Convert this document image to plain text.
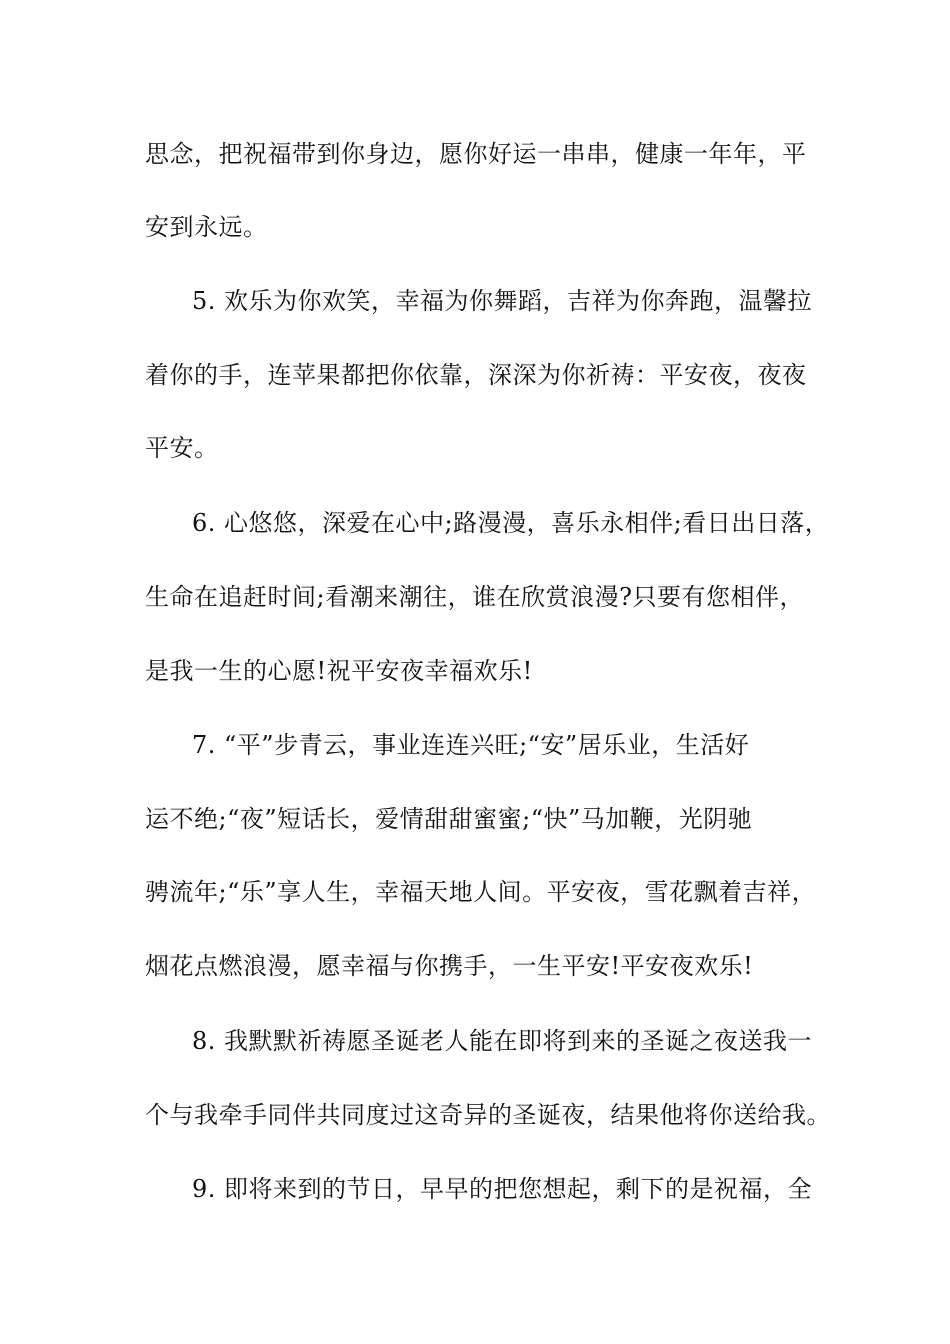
思念，把祝福带到你身边，愿你好运一串串，健康一年年，平
安到永远。
5. 欢乐为你欢笑，幸福为你舞蹈，吉祥为你奔跑，温馨拉
着你的手，连苹果都把你依靠，深深为你祈祷：平安夜，夜夜
平安。
6. 心悠悠，深爱在心中;路漫漫，喜乐永相伴;看日出日落，
生命在追赶时间;看潮来潮往，谁在欣赏浪漫?只要有您相伴，
是我一生的心愿!祝平安夜幸福欢乐!
7. “平”步青云，事业连连兴旺;“安”居乐业，生活好
运不绝;“夜”短话长，爱情甜甜蜜蜜;“快”马加鞭，光阴驰
骋流年;“乐”享人生，幸福天地人间。平安夜，雪花飘着吉祥，
烟花点燃浪漫，愿幸福与你携手，一生平安!平安夜欢乐!
8. 我默默祈祷愿圣诞老人能在即将到来的圣诞之夜送我一
个与我牵手同伴共同度过这奇异的圣诞夜，结果他将你送给我。
9. 即将来到的节日，早早的把您想起，剩下的是祝福，全
